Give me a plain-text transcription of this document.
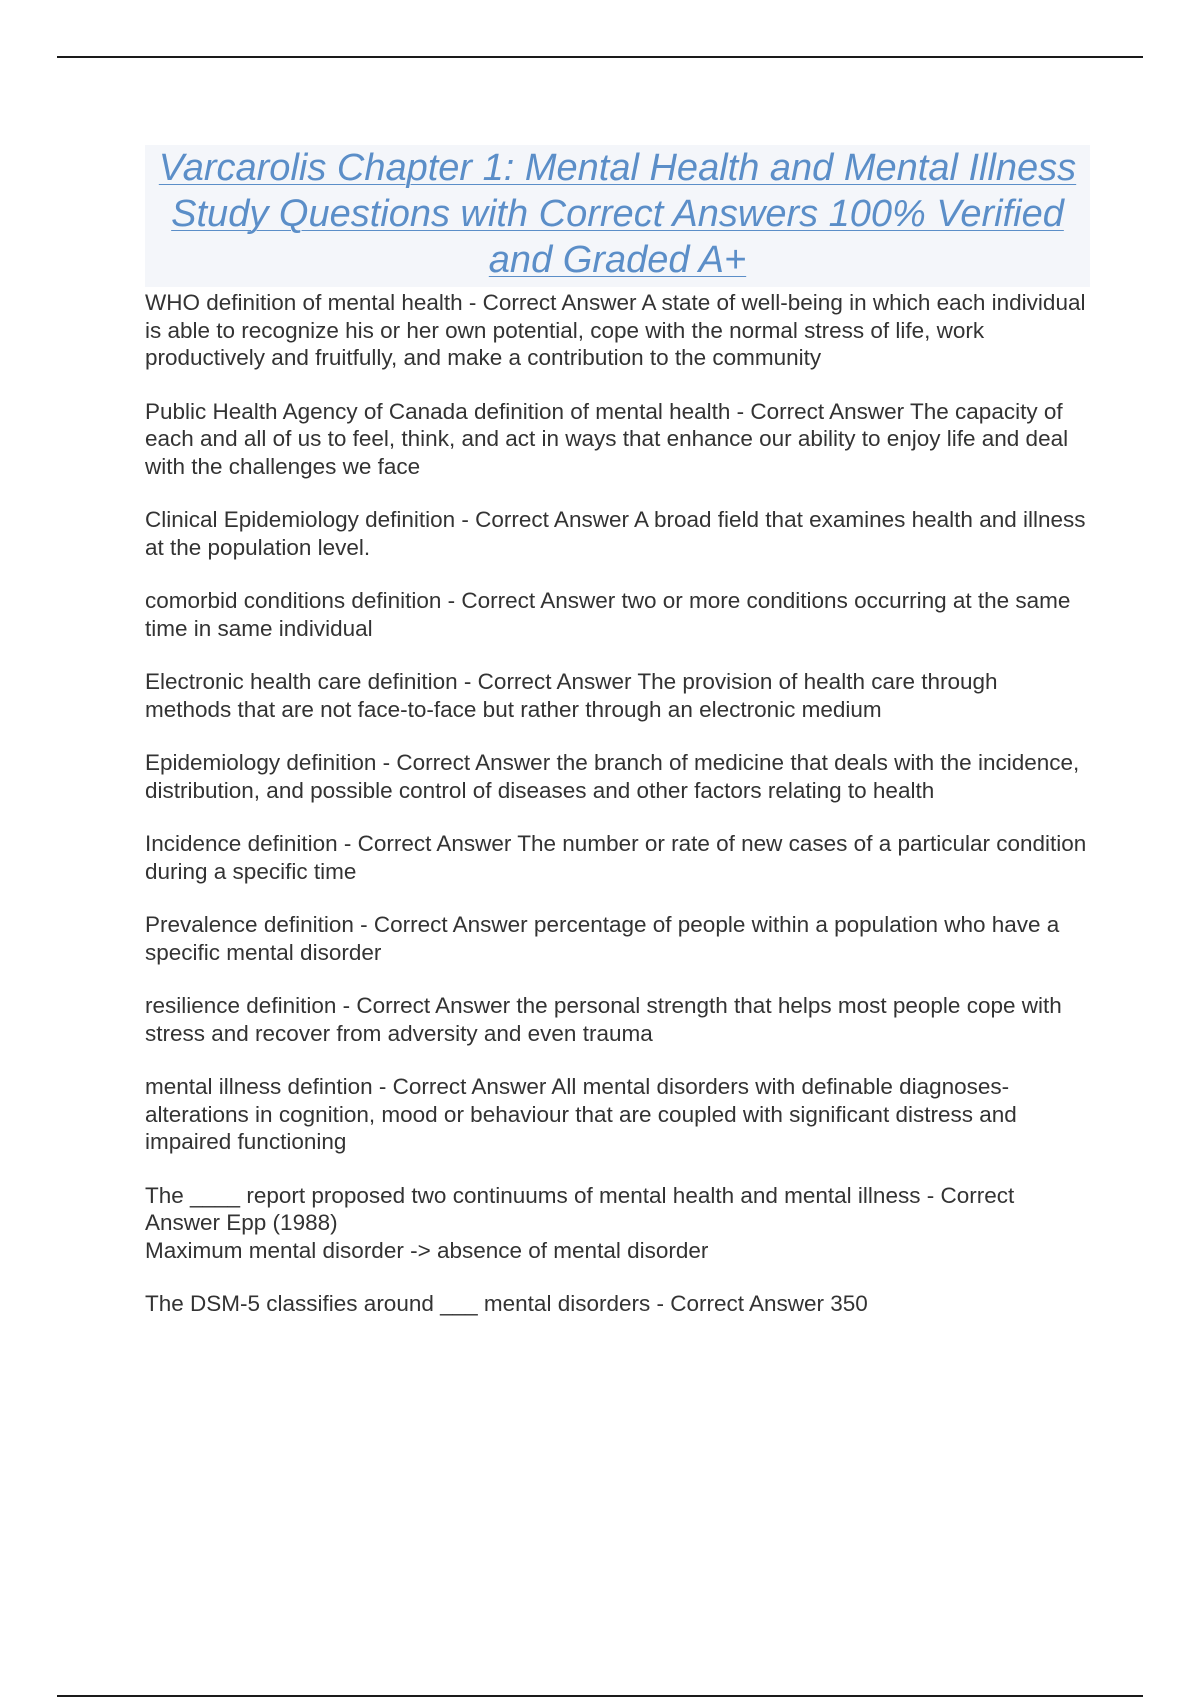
Varcarolis Chapter 1: Mental Health and Mental Illness Study Questions with Correct Answers 100% Verified and Graded A+

WHO definition of mental health - Correct Answer A state of well-being in which each individual is able to recognize his or her own potential, cope with the normal stress of life, work productively and fruitfully, and make a contribution to the community

Public Health Agency of Canada definition of mental health - Correct Answer The capacity of each and all of us to feel, think, and act in ways that enhance our ability to enjoy life and deal with the challenges we face

Clinical Epidemiology definition - Correct Answer A broad field that examines health and illness at the population level.

comorbid conditions definition - Correct Answer two or more conditions occurring at the same time in same individual

Electronic health care definition - Correct Answer The provision of health care through methods that are not face-to-face but rather through an electronic medium

Epidemiology definition - Correct Answer the branch of medicine that deals with the incidence, distribution, and possible control of diseases and other factors relating to health

Incidence definition - Correct Answer The number or rate of new cases of a particular condition during a specific time

Prevalence definition - Correct Answer percentage of people within a population who have a specific mental disorder

resilience definition - Correct Answer the personal strength that helps most people cope with stress and recover from adversity and even trauma

mental illness defintion - Correct Answer All mental disorders with definable diagnoses- alterations in cognition, mood or behaviour that are coupled with significant distress and impaired functioning

The ____ report proposed two continuums of mental health and mental illness - Correct Answer Epp (1988)
Maximum mental disorder -> absence of mental disorder

The DSM-5 classifies around ___ mental disorders - Correct Answer 350
